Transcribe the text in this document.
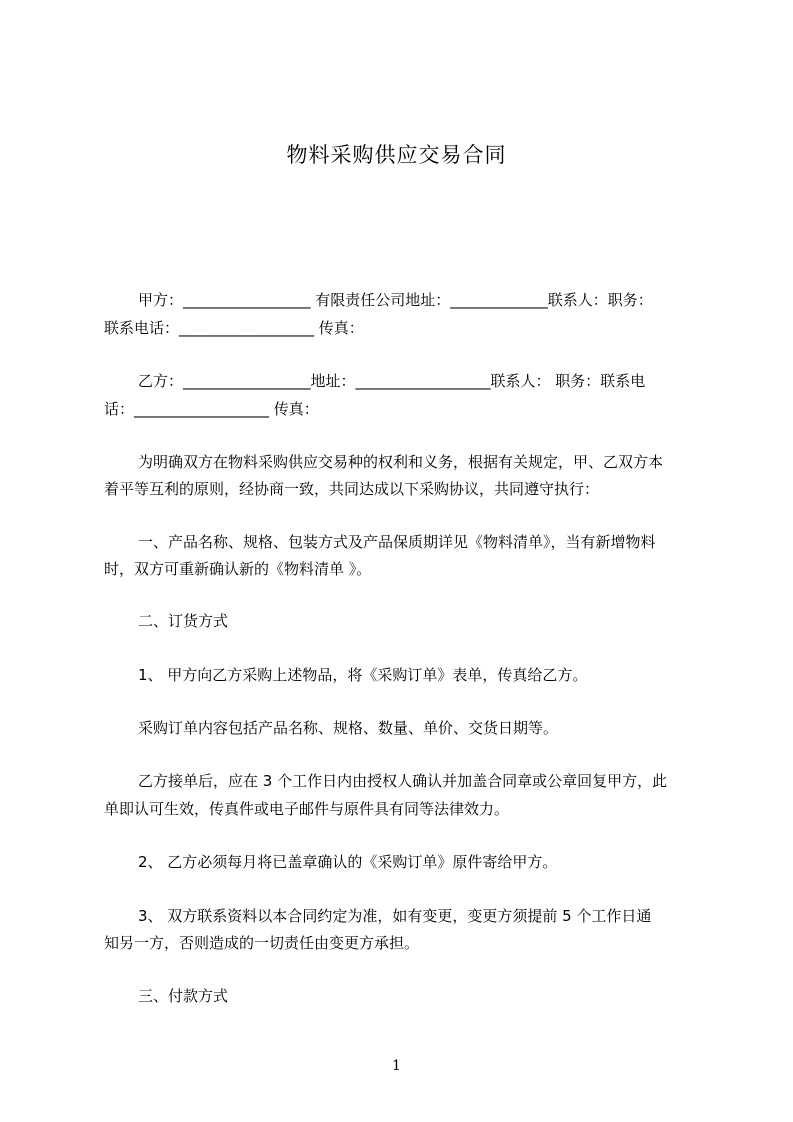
物料采购供应交易合同
甲方：_________________ 有限责任公司地址：_____________联系人：职务：
联系电话：__________________ 传真：
乙方：_________________地址：__________________联系人： 职务：联系电
话：__________________ 传真：
为明确双方在物料采购供应交易种的权利和义务，根据有关规定，甲、乙双方本
着平等互利的原则，经协商一致，共同达成以下采购协议，共同遵守执行：
一、产品名称、规格、包装方式及产品保质期详见《物料清单》，当有新增物料
时，双方可重新确认新的《物料清单 》。
二、订货方式
1、 甲方向乙方采购上述物品，将《采购订单》表单，传真给乙方。
采购订单内容包括产品名称、规格、数量、单价、交货日期等。
乙方接单后，应在 3 个工作日内由授权人确认并加盖合同章或公章回复甲方，此
单即认可生效，传真件或电子邮件与原件具有同等法律效力。
2、 乙方必须每月将已盖章确认的《采购订单》原件寄给甲方。
3、 双方联系资料以本合同约定为准，如有变更，变更方须提前 5 个工作日通
知另一方，否则造成的一切责任由变更方承担。
三、付款方式
1
